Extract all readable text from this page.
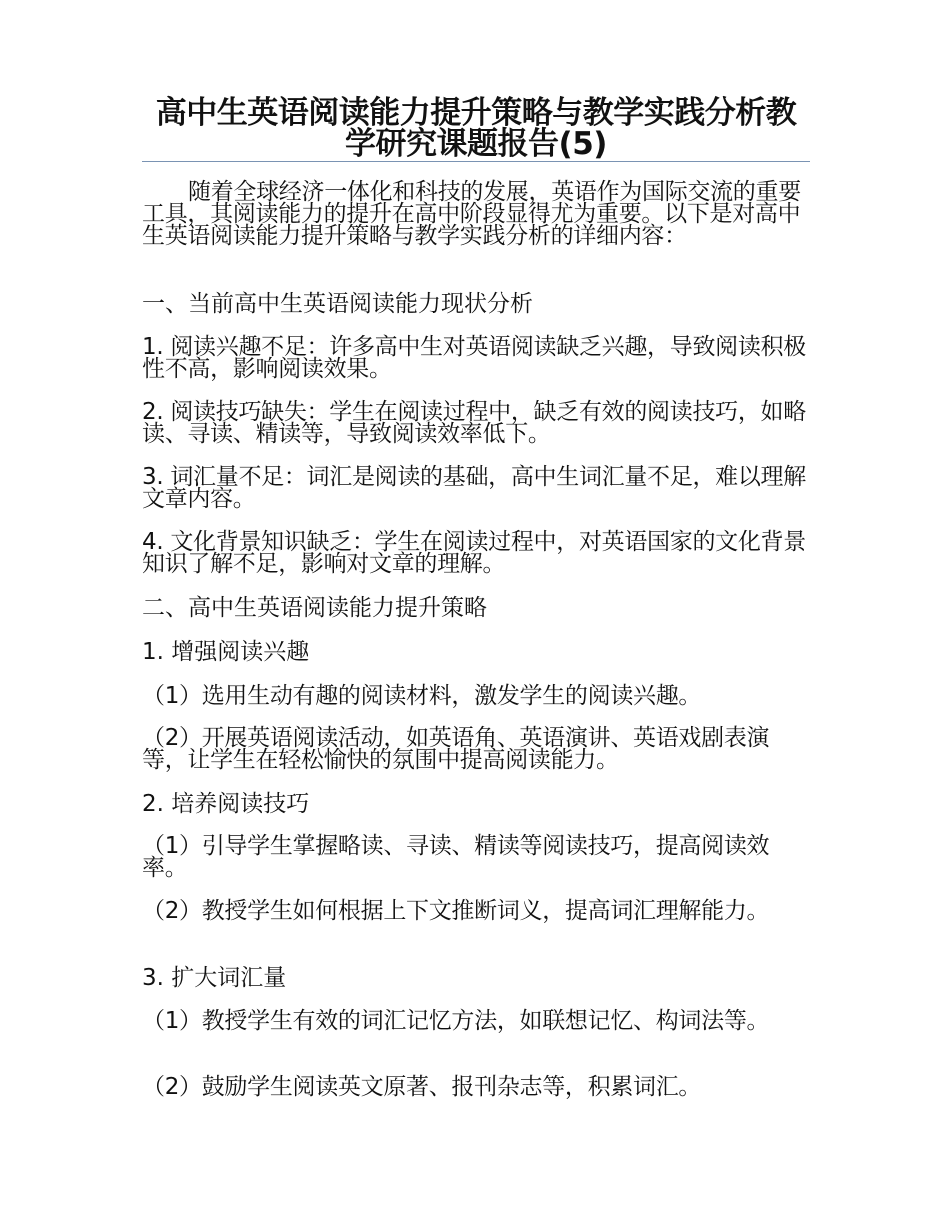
高中生英语阅读能力提升策略与教学实践分析教学研究课题报告(5)

随着全球经济一体化和科技的发展，英语作为国际交流的重要工具，其阅读能力的提升在高中阶段显得尤为重要。以下是对高中生英语阅读能力提升策略与教学实践分析的详细内容：

一、当前高中生英语阅读能力现状分析

1. 阅读兴趣不足：许多高中生对英语阅读缺乏兴趣，导致阅读积极性不高，影响阅读效果。

2. 阅读技巧缺失：学生在阅读过程中，缺乏有效的阅读技巧，如略读、寻读、精读等，导致阅读效率低下。

3. 词汇量不足：词汇是阅读的基础，高中生词汇量不足，难以理解文章内容。

4. 文化背景知识缺乏：学生在阅读过程中，对英语国家的文化背景知识了解不足，影响对文章的理解。

二、高中生英语阅读能力提升策略

1. 增强阅读兴趣

（1）选用生动有趣的阅读材料，激发学生的阅读兴趣。

（2）开展英语阅读活动，如英语角、英语演讲、英语戏剧表演等，让学生在轻松愉快的氛围中提高阅读能力。

2. 培养阅读技巧

（1）引导学生掌握略读、寻读、精读等阅读技巧，提高阅读效率。

（2）教授学生如何根据上下文推断词义，提高词汇理解能力。

3. 扩大词汇量

（1）教授学生有效的词汇记忆方法，如联想记忆、构词法等。

（2）鼓励学生阅读英文原著、报刊杂志等，积累词汇。
